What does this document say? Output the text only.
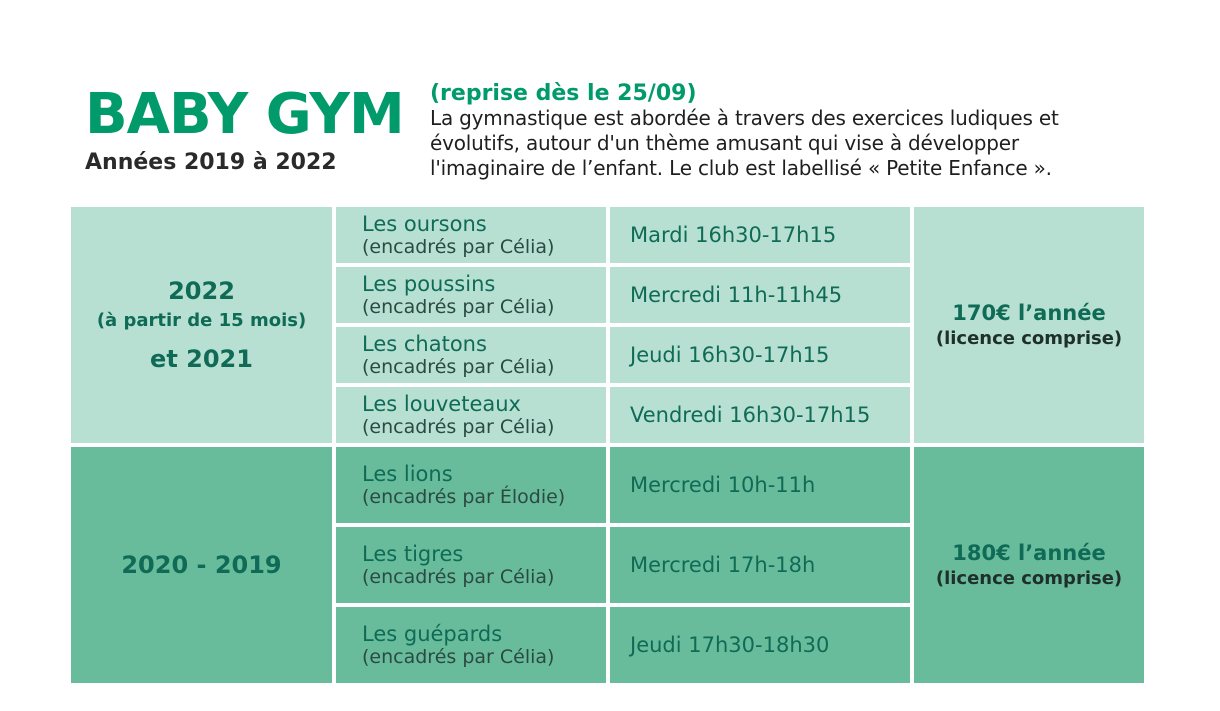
BABY GYM
Années 2019 à 2022
(reprise dès le 25/09)
La gymnastique est abordée à travers des exercices ludiques et
évolutifs, autour d'un thème amusant qui vise à développer
l'imaginaire de l’enfant. Le club est labellisé « Petite Enfance ».
2022
(à partir de 15 mois)
et 2021
Les oursons
(encadrés par Célia)	Mardi 16h30-17h15
170€ l’année
(licence comprise)
Les poussins
(encadrés par Célia)	Mercredi 11h-11h45
Les chatons
(encadrés par Célia)	Jeudi 16h30-17h15
Les louveteaux
(encadrés par Célia)	Vendredi 16h30-17h15
2020 - 2019
Les lions
(encadrés par Élodie)	Mercredi 10h-11h
180€ l’année
(licence comprise)
Les tigres
(encadrés par Célia)	Mercredi 17h-18h
Les guépards
(encadrés par Célia)	Jeudi 17h30-18h30
